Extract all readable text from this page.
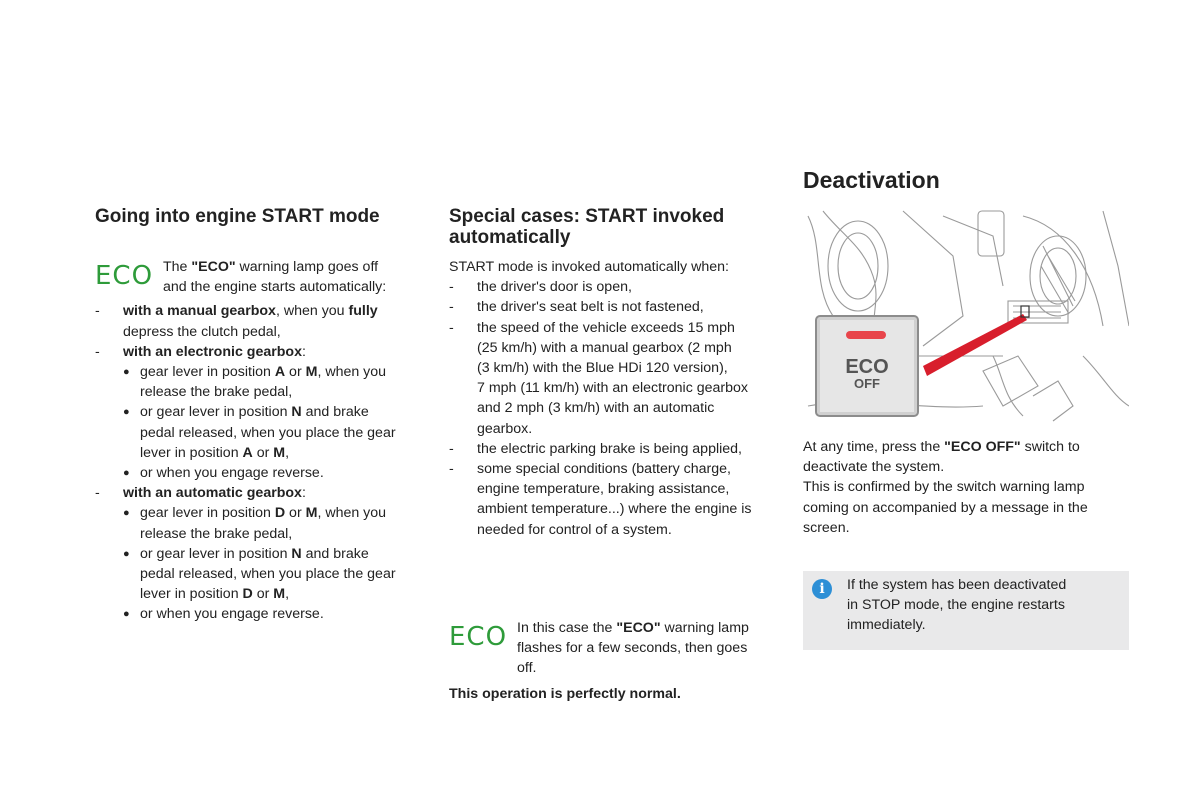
Going into engine START mode
ECO The "ECO" warning lamp goes off
and the engine starts automatically:
-	with a manual gearbox, when you fully
depress the clutch pedal,
-	with an electronic gearbox:
● gear lever in position A or M, when you
release the brake pedal,
● or gear lever in position N and brake
pedal released, when you place the gear
lever in position A or M,
● or when you engage reverse.
-	with an automatic gearbox:
● gear lever in position D or M, when you
release the brake pedal,
● or gear lever in position N and brake
pedal released, when you place the gear
lever in position D or M,
● or when you engage reverse.
Special cases: START invoked
automatically
START mode is invoked automatically when:
-	the driver's door is open,
-	the driver's seat belt is not fastened,
-	the speed of the vehicle exceeds 15 mph
(25 km/h) with a manual gearbox (2 mph
(3 km/h) with the Blue HDi 120 version),
7 mph (11 km/h) with an electronic gearbox
and 2 mph (3 km/h) with an automatic
gearbox.
-	the electric parking brake is being applied,
-	some special conditions (battery charge,
engine temperature, braking assistance,
ambient temperature...) where the engine is
needed for control of a system.
ECO In this case the "ECO" warning lamp
flashes for a few seconds, then goes
off.
This operation is perfectly normal.
Deactivation
ECO
OFF
At any time, press the "ECO OFF" switch to
deactivate the system.
This is confirmed by the switch warning lamp
coming on accompanied by a message in the
screen.
i	If the system has been deactivated
in STOP mode, the engine restarts
immediately.
